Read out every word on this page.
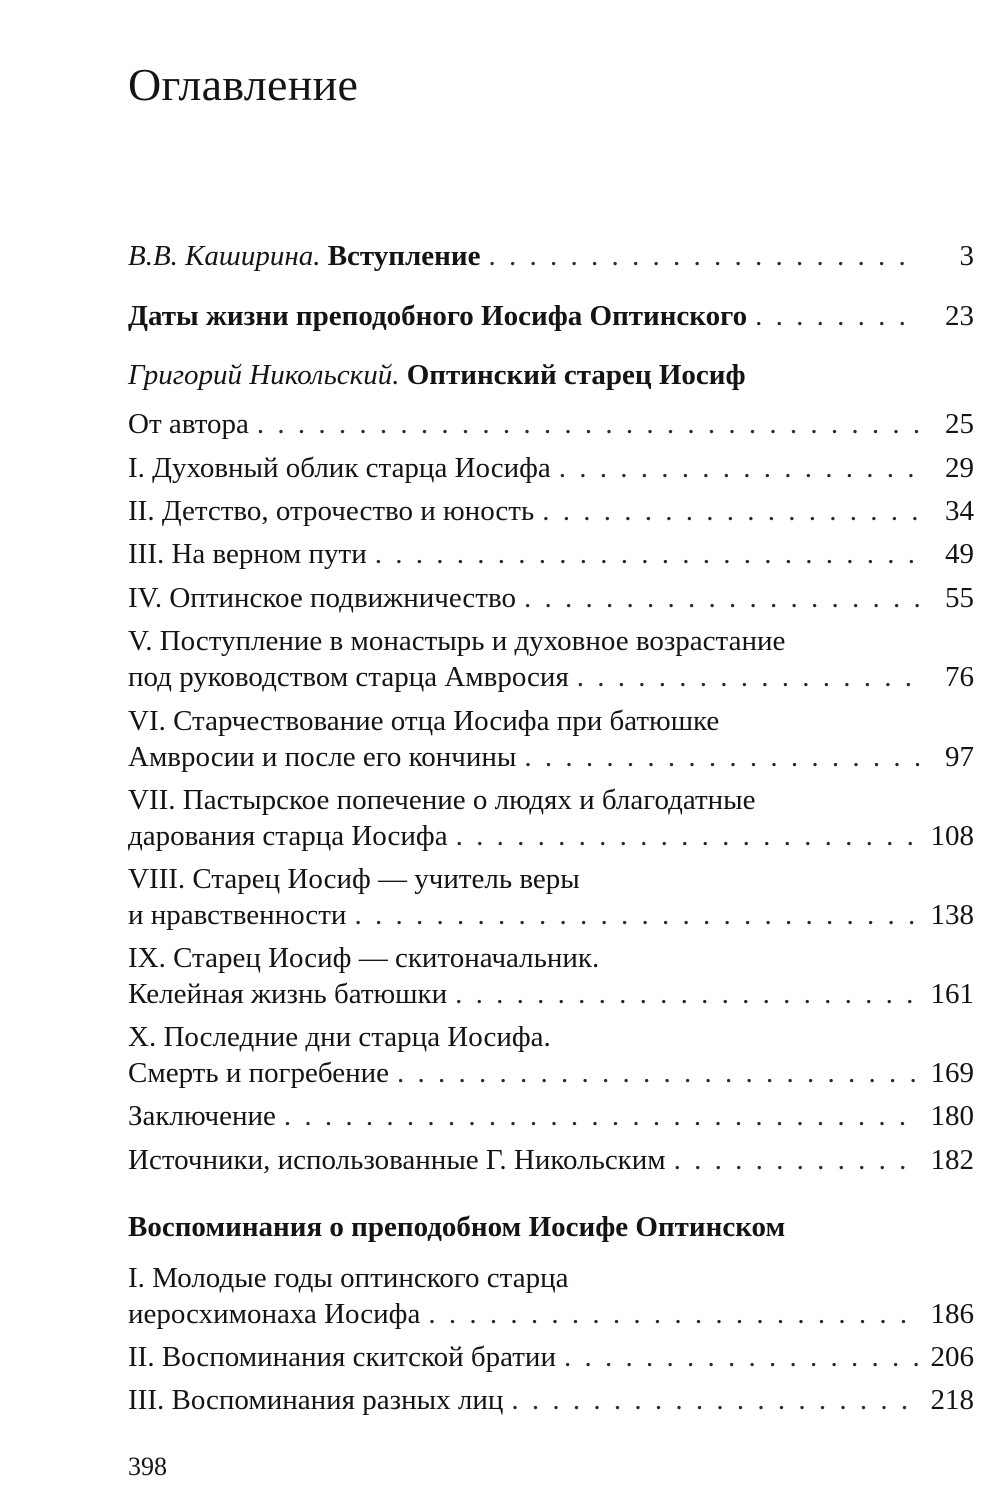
Оглавление
В.В. Каширина. Вступление . . .	3
Даты жизни преподобного Иосифа Оптинского . . .	23
Григорий Никольский. Оптинский старец Иосиф
От автора . . .	25
I. Духовный облик старца Иосифа . . .	29
II. Детство, отрочество и юность . . .	34
III. На верном пути . . .	49
IV. Оптинское подвижничество . . .	55
V. Поступление в монастырь и духовное возрастание
под руководством старца Амвросия . . .	76
VI. Старчествование отца Иосифа при батюшке
Амвросии и после его кончины . . .	97
VII. Пастырское попечение о людях и благодатные
дарования старца Иосифа . . .	108
VIII. Старец Иосиф — учитель веры
и нравственности . . .	138
IX. Старец Иосиф — скитоначальник.
Келейная жизнь батюшки . . .	161
X. Последние дни старца Иосифа.
Смерть и погребение . . .	169
Заключение . . .	180
Источники, использованные Г. Никольским . . .	182
Воспоминания о преподобном Иосифе Оптинском
I. Молодые годы оптинского старца
иеросхимонаха Иосифа . . .	186
II. Воспоминания скитской братии . . .	206
III. Воспоминания разных лиц . . .	218
398
